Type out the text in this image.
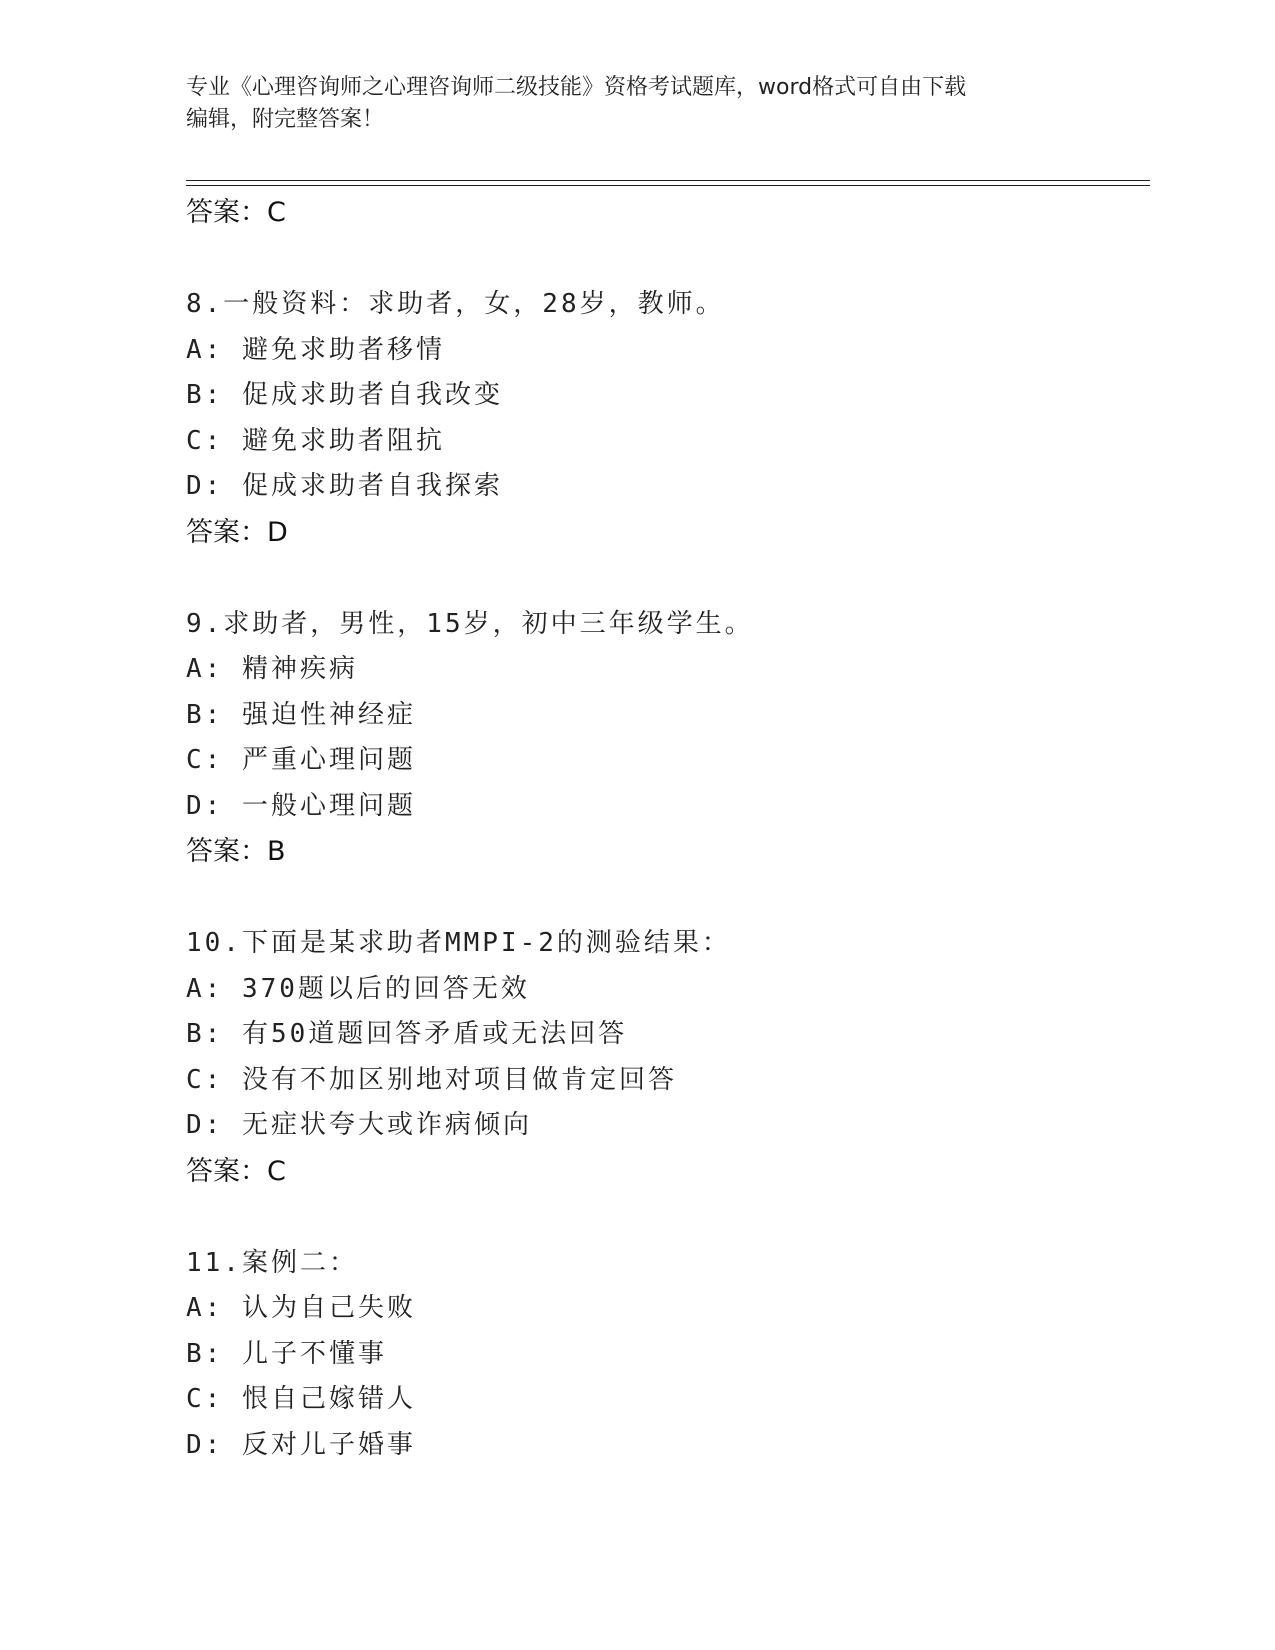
专业《心理咨询师之心理咨询师二级技能》资格考试题库，word格式可自由下载
编辑，附完整答案！
答案：C
8.一般资料：求助者，女，28岁，教师。
A: 避免求助者移情
B: 促成求助者自我改变
C: 避免求助者阻抗
D: 促成求助者自我探索
答案：D
9.求助者，男性，15岁，初中三年级学生。
A: 精神疾病
B: 强迫性神经症
C: 严重心理问题
D: 一般心理问题
答案：B
10.下面是某求助者MMPI-2的测验结果：
A: 370题以后的回答无效
B: 有50道题回答矛盾或无法回答
C: 没有不加区别地对项目做肯定回答
D: 无症状夸大或诈病倾向
答案：C
11.案例二：
A: 认为自己失败
B: 儿子不懂事
C: 恨自己嫁错人
D: 反对儿子婚事
